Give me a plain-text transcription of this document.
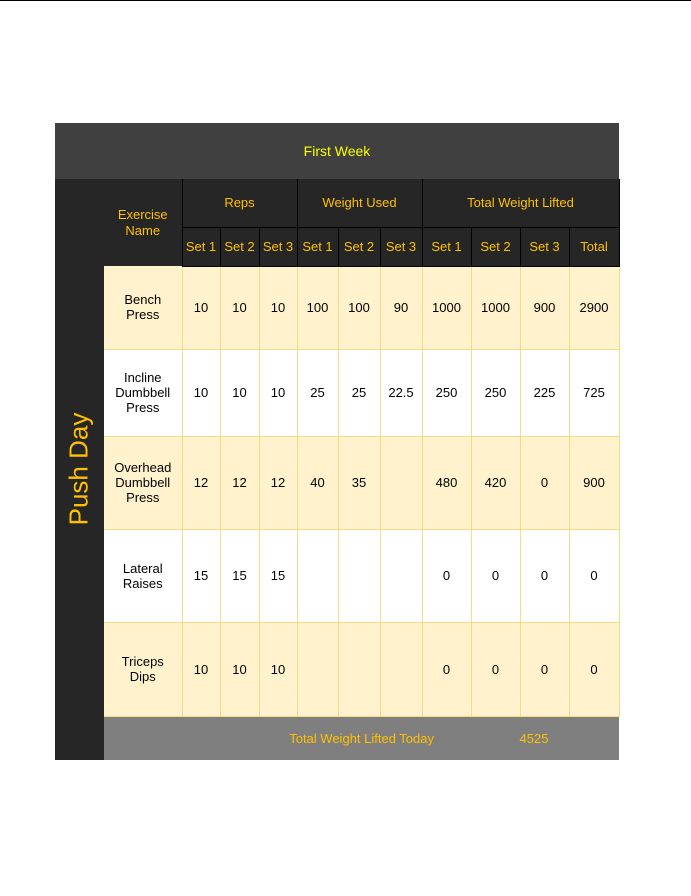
First Week
Push Day
Exercise Name	Reps			Weight Used			Total Weight Lifted			
	Set 1	Set 2	Set 3	Set 1	Set 2	Set 3	Set 1	Set 2	Set 3	Total
Bench Press	10	10	10	100	100	90	1000	1000	900	2900

Incline Dumbbell Press	10	10	10	25	25	22.5	250	250	225	725

Overhead Dumbbell Press	12	12	12	40	35		480	420	0	900

Lateral Raises	15	15	15				0	0	0	0
Triceps Dips	10	10	10				0	0	0	0
Total Weight Lifted Today								4525		
